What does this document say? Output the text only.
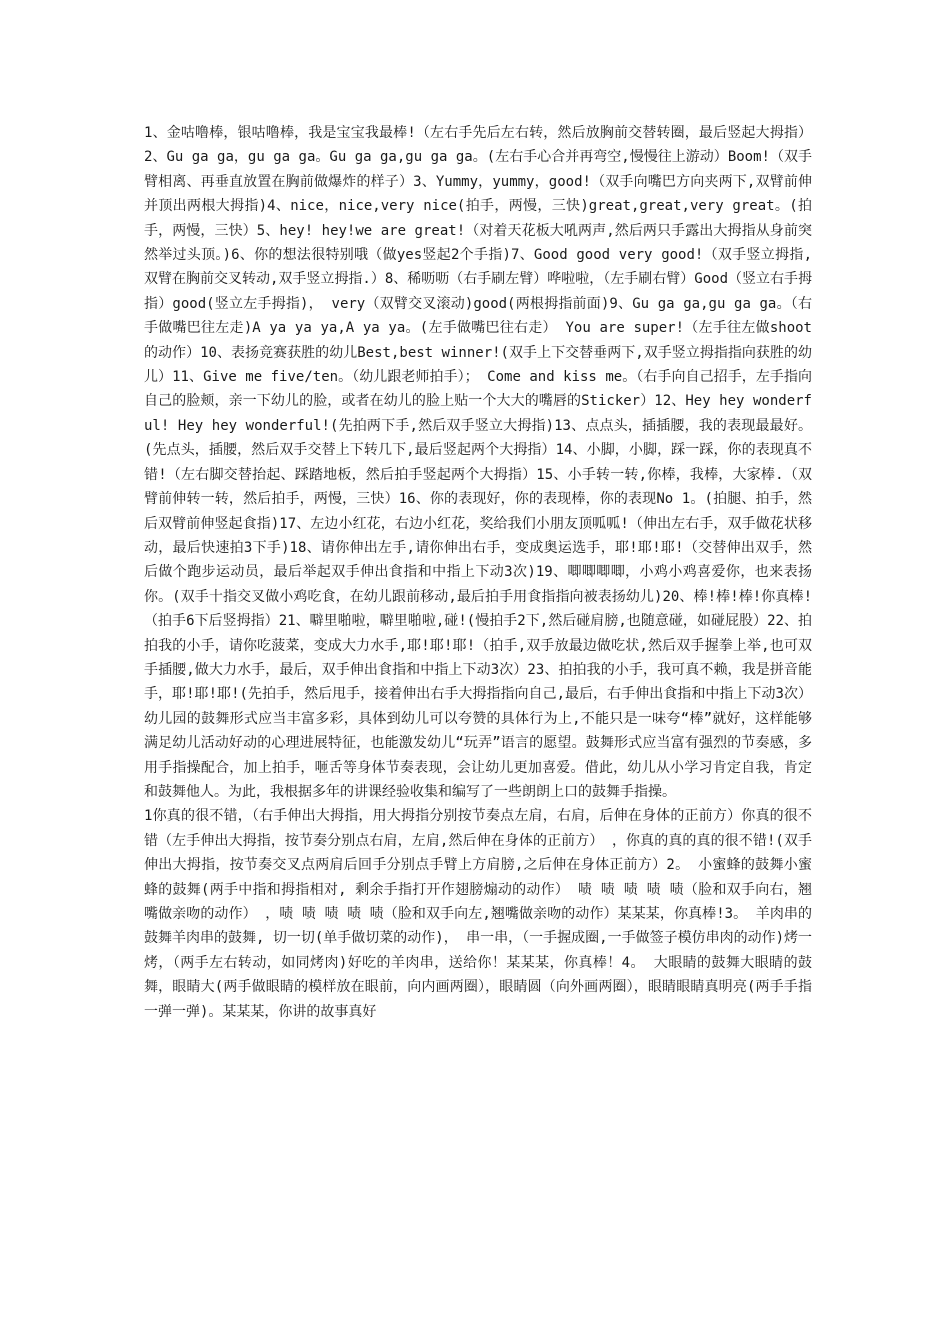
1、金咕噜棒，银咕噜棒，我是宝宝我最棒!（左右手先后左右转，然后放胸前交替转圈，最后竖起大拇指）2、Gu ga ga，gu ga ga。Gu ga ga,gu ga ga。(左右手心合并再弯空,慢慢往上游动）Boom!（双手臂相离、再垂直放置在胸前做爆炸的样子）3、Yummy，yummy，good!（双手向嘴巴方向夹两下,双臂前伸并顶出两根大拇指)4、nice，nice,very nice(拍手，两慢，三快)great,great,very great。(拍手，两慢，三快）5、hey! hey!we are great!（对着天花板大吼两声,然后两只手露出大拇指从身前突然举过头顶。)6、你的想法很特别哦（做yes竖起2个手指)7、Good good very good!（双手竖立拇指,双臂在胸前交叉转动,双手竖立拇指.）8、稀呖呖（右手刷左臂）哗啦啦，（左手刷右臂）Good（竖立右手拇指）good(竖立左手拇指)， very（双臂交叉滚动)good(两根拇指前面)9、Gu ga ga,gu ga ga。（右手做嘴巴往左走)A ya ya ya,A ya ya。(左手做嘴巴往右走） You are super!（左手往左做shoot的动作）10、表扬竞赛获胜的幼儿Best,best winner!(双手上下交替垂两下,双手竖立拇指指向获胜的幼儿）11、Give me five/ten。（幼儿跟老师拍手）； Come and kiss me。（右手向自己招手，左手指向自己的脸颊，亲一下幼儿的脸，或者在幼儿的脸上贴一个大大的嘴唇的Sticker）12、Hey hey wonderful! Hey hey wonderful!(先拍两下手,然后双手竖立大拇指)13、点点头，插插腰，我的表现最最好。(先点头，插腰，然后双手交替上下转几下,最后竖起两个大拇指）14、小脚，小脚，踩一踩，你的表现真不错!（左右脚交替抬起、踩踏地板，然后拍手竖起两个大拇指）15、小手转一转,你棒，我棒，大家棒.（双臂前伸转一转，然后拍手，两慢，三快）16、你的表现好，你的表现棒，你的表现No 1。(拍腿、拍手，然后双臂前伸竖起食指)17、左边小红花，右边小红花，奖给我们小朋友顶呱呱!（伸出左右手，双手做花状移动，最后快速拍3下手)18、请你伸出左手,请你伸出右手，变成奥运选手，耶!耶!耶!（交替伸出双手，然后做个跑步运动员，最后举起双手伸出食指和中指上下动3次)19、唧唧唧唧，小鸡小鸡喜爱你，也来表扬你。(双手十指交叉做小鸡吃食，在幼儿跟前移动,最后拍手用食指指向被表扬幼儿)20、棒!棒!棒!你真棒!（拍手6下后竖拇指）21、噼里啪啦，噼里啪啦,碰!(慢拍手2下,然后碰肩膀,也随意碰，如碰屁股）22、拍拍我的小手，请你吃菠菜，变成大力水手,耶!耶!耶!（拍手,双手放最边做吃状,然后双手握拳上举,也可双手插腰,做大力水手，最后，双手伸出食指和中指上下动3次）23、拍拍我的小手，我可真不赖，我是拼音能手，耶!耶!耶!(先拍手，然后甩手，接着伸出右手大拇指指向自己,最后，右手伸出食指和中指上下动3次） 幼儿园的鼓舞形式应当丰富多彩，具体到幼儿可以夸赞的具体行为上,不能只是一味夸“棒”就好，这样能够满足幼儿活动好动的心理进展特征，也能激发幼儿“玩弄”语言的愿望。鼓舞形式应当富有强烈的节奏感，多用手指操配合，加上拍手，咂舌等身体节奏表现，会让幼儿更加喜爱。借此，幼儿从小学习肯定自我，肯定和鼓舞他人。为此，我根据多年的讲课经验收集和编写了一些朗朗上口的鼓舞手指操。

1你真的很不错，（右手伸出大拇指，用大拇指分别按节奏点左肩，右肩，后伸在身体的正前方）你真的很不错（左手伸出大拇指，按节奏分别点右肩，左肩,然后伸在身体的正前方） ，你真的真的真的很不错!(双手伸出大拇指，按节奏交叉点两肩后回手分别点手臂上方肩膀,之后伸在身体正前方）2。 小蜜蜂的鼓舞小蜜蜂的鼓舞(两手中指和拇指相对, 剩余手指打开作翅膀煽动的动作） 啧 啧 啧 啧 啧（脸和双手向右，翘嘴做亲吻的动作） ，啧 啧 啧 啧 啧（脸和双手向左,翘嘴做亲吻的动作）某某某，你真棒!3。 羊肉串的鼓舞羊肉串的鼓舞, 切一切(单手做切菜的动作)， 串一串，（一手握成圈,一手做签子模仿串肉的动作)烤一烤，（两手左右转动，如同烤肉)好吃的羊肉串，送给你！某某某，你真棒！4。 大眼睛的鼓舞大眼睛的鼓舞，眼睛大(两手做眼睛的模样放在眼前，向内画两圈），眼睛圆（向外画两圈），眼睛眼睛真明亮(两手手指一弹一弹)。某某某，你讲的故事真好
